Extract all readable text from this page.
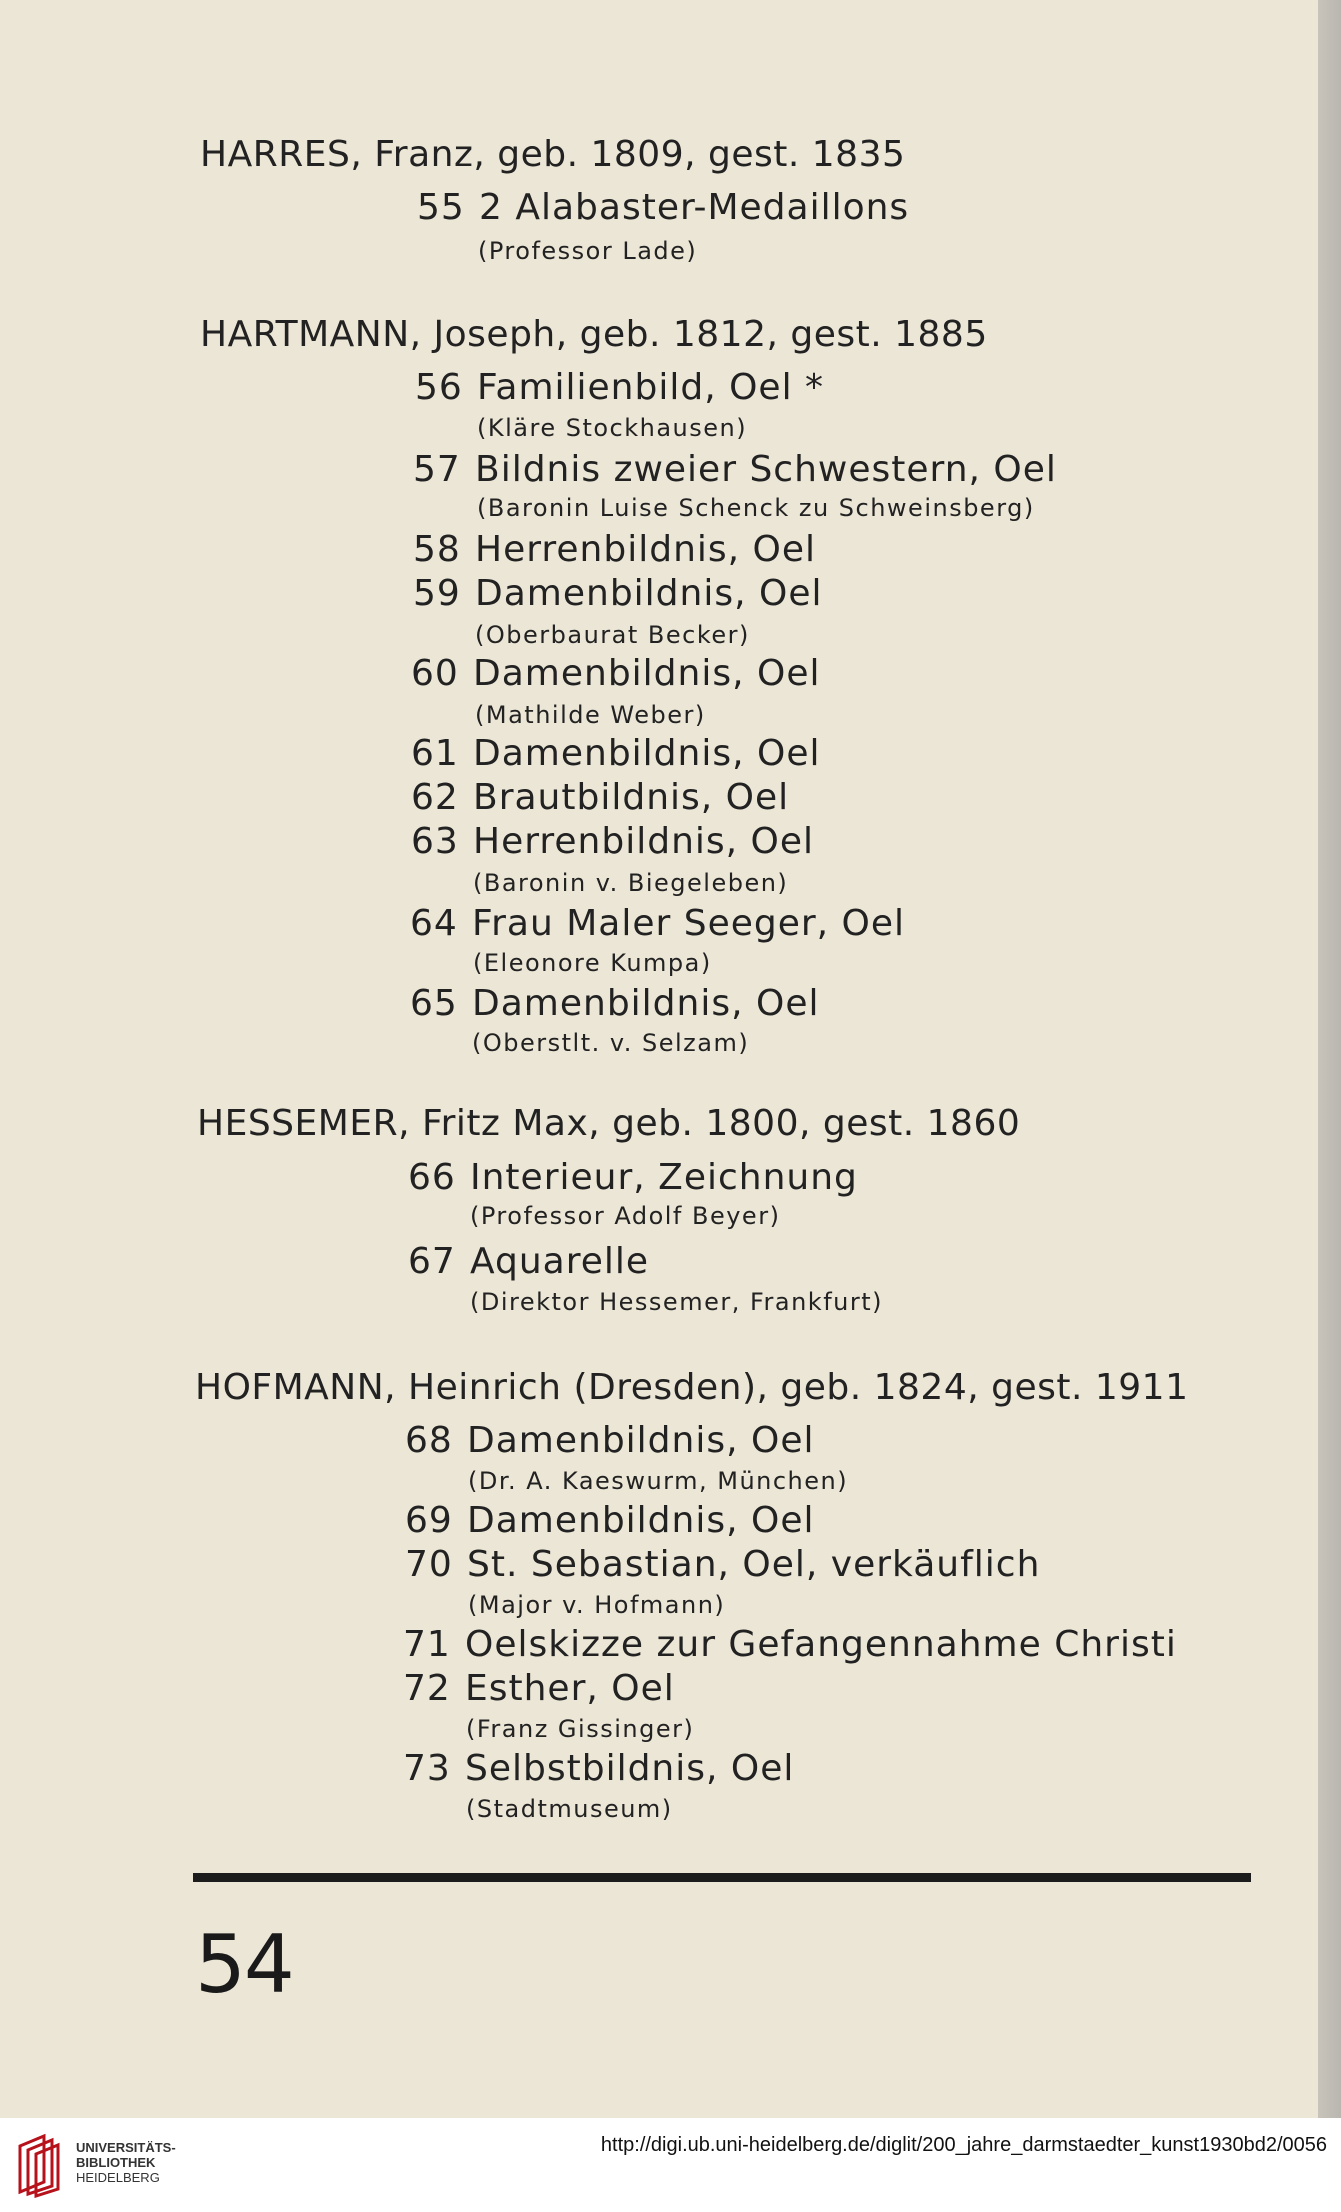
HARRES, Franz, geb. 1809, gest. 1835
55 2 Alabaster-Medaillons
(Professor Lade)
HARTMANN, Joseph, geb. 1812, gest. 1885
56 Familienbild, Oel *
(Kläre Stockhausen)
57 Bildnis zweier Schwestern, Oel
(Baronin Luise Schenck zu Schweinsberg)
58 Herrenbildnis, Oel
59 Damenbildnis, Oel
(Oberbaurat Becker)
60 Damenbildnis, Oel
(Mathilde Weber)
61 Damenbildnis, Oel
62 Brautbildnis, Oel
63 Herrenbildnis, Oel
(Baronin v. Biegeleben)
64 Frau Maler Seeger, Oel
(Eleonore Kumpa)
65 Damenbildnis, Oel
(Oberstlt. v. Selzam)
HESSEMER, Fritz Max, geb. 1800, gest. 1860
66 Interieur, Zeichnung
(Professor Adolf Beyer)
67 Aquarelle
(Direktor Hessemer, Frankfurt)
HOFMANN, Heinrich (Dresden), geb. 1824, gest. 1911
68 Damenbildnis, Oel
(Dr. A. Kaeswurm, München)
69 Damenbildnis, Oel
70 St. Sebastian, Oel, verkäuflich
(Major v. Hofmann)
71 Oelskizze zur Gefangennahme Christi
72 Esther, Oel
(Franz Gissinger)
73 Selbstbildnis, Oel
(Stadtmuseum)
54
UNIVERSITÄTS-
BIBLIOTHEK
HEIDELBERG
http://digi.ub.uni-heidelberg.de/diglit/200_jahre_darmstaedter_kunst1930bd2/0056
